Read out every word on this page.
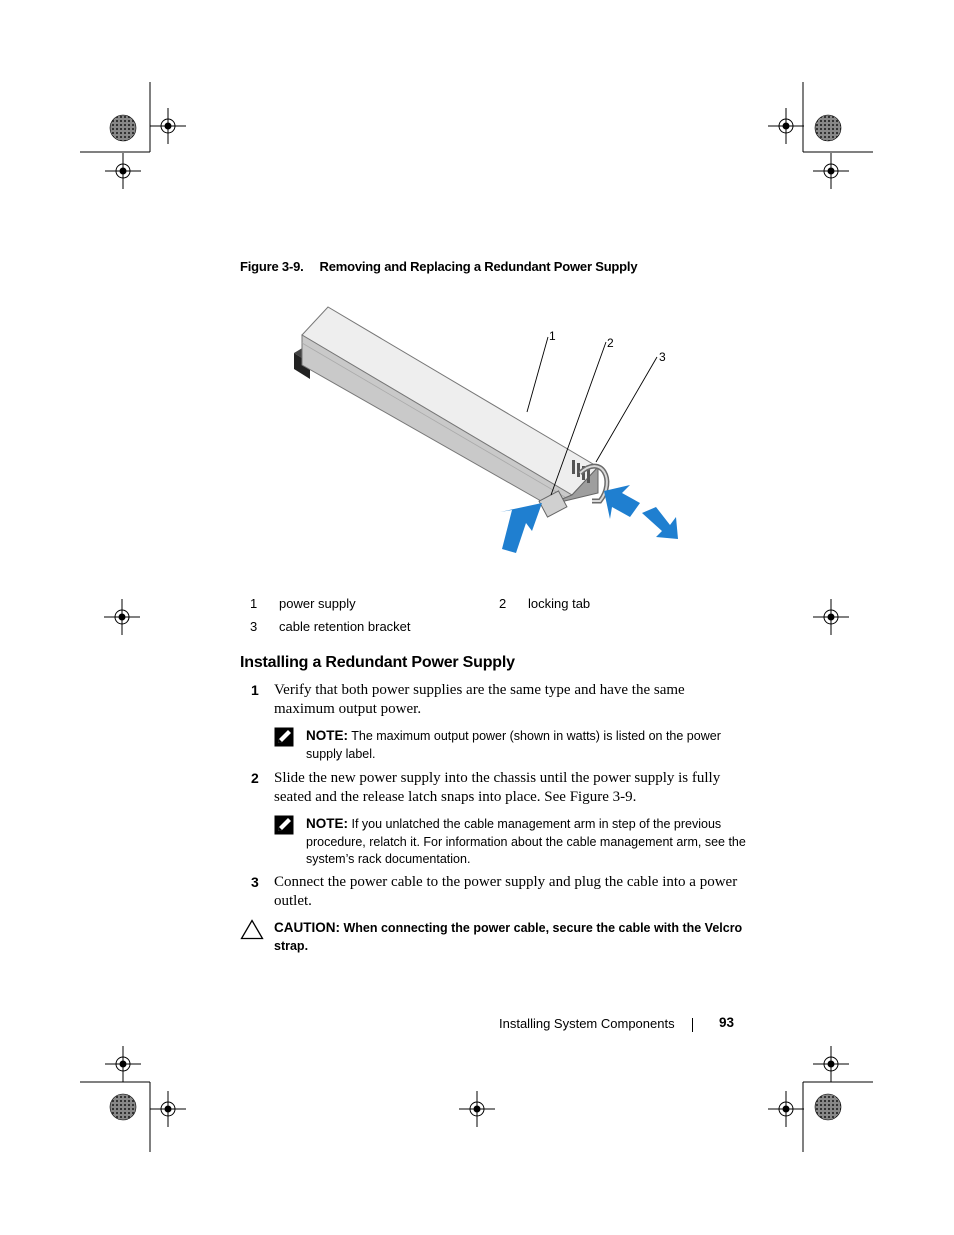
Figure 3-9. Removing and Replacing a Redundant Power Supply
1	2
3
1 power supply	2 locking tab
3 cable retention bracket
Installing a Redundant Power Supply
1 Verify that both power supplies are the same type and have the same maximum output power.
NOTE: The maximum output power (shown in watts) is listed on the power supply label.
2 Slide the new power supply into the chassis until the power supply is fully seated and the release latch snaps into place. See Figure 3-9.
NOTE: If you unlatched the cable management arm in step of the previous procedure, relatch it. For information about the cable management arm, see the system’s rack documentation.
3 Connect the power cable to the power supply and plug the cable into a power outlet.
CAUTION: When connecting the power cable, secure the cable with the Velcro strap.
Installing System Components	93
